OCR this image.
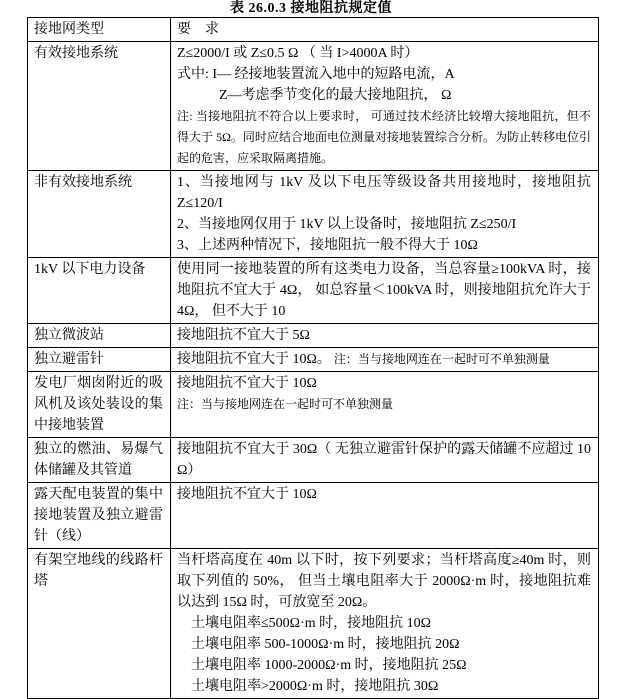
表 26.0.3 接地阻抗规定值
接地网类型	要　求
有效接地系统	Z≤2000/I 或 Z≤0.5 Ω （ 当 I>4000A 时）
式中: I— 经接地装置流入地中的短路电流，A
Z—考虑季节变化的最大接地阻抗， Ω
注: 当接地阻抗不符合以上要求时， 可通过技术经济比较增大接地阻抗，但不得大于 5Ω。同时应结合地面电位测量对接地装置综合分析。为防止转移电位引起的危害，应采取隔离措施。

非有效接地系统	1、当接地网与 1kV 及以下电压等级设备共用接地时，接地阻抗 Z≤120/I
2、当接地网仅用于 1kV 以上设备时，接地阻抗 Z≤250/I
3、上述两种情况下，接地阻抗一般不得大于 10Ω

1kV 以下电力设备	使用同一接地装置的所有这类电力设备，当总容量≥100kVA 时，接地阻抗不宜大于 4Ω， 如总容量＜100kVA 时，则接地阻抗允许大于 4Ω， 但不大于 10

独立微波站	接地阻抗不宜大于 5Ω

独立避雷针	接地阻抗不宜大于 10Ω。 注：当与接地网连在一起时可不单独测量

发电厂烟囱附近的吸风机及该处装设的集中接地装置	接地阻抗不宜大于 10Ω
注：当与接地网连在一起时可不单独测量

独立的燃油、易爆气体储罐及其管道	接地阻抗不宜大于 30Ω（ 无独立避雷针保护的露天储罐不应超过 10 Ω）

露天配电装置的集中接地装置及独立避雷针（线）	接地阻抗不宜大于 10Ω

有架空地线的线路杆塔	当杆塔高度在 40m 以下时，按下列要求；当杆塔高度≥40m 时，则取下列值的 50%， 但当土壤电阻率大于 2000Ω·m 时，接地阻抗难以达到 15Ω 时，可放宽至 20Ω。
土壤电阻率≤500Ω·m 时，接地阻抗 10Ω
土壤电阻率 500-1000Ω·m 时，接地阻抗 20Ω
土壤电阻率 1000-2000Ω·m 时，接地阻抗 25Ω
土壤电阻率>2000Ω·m 时，接地阻抗 30Ω
